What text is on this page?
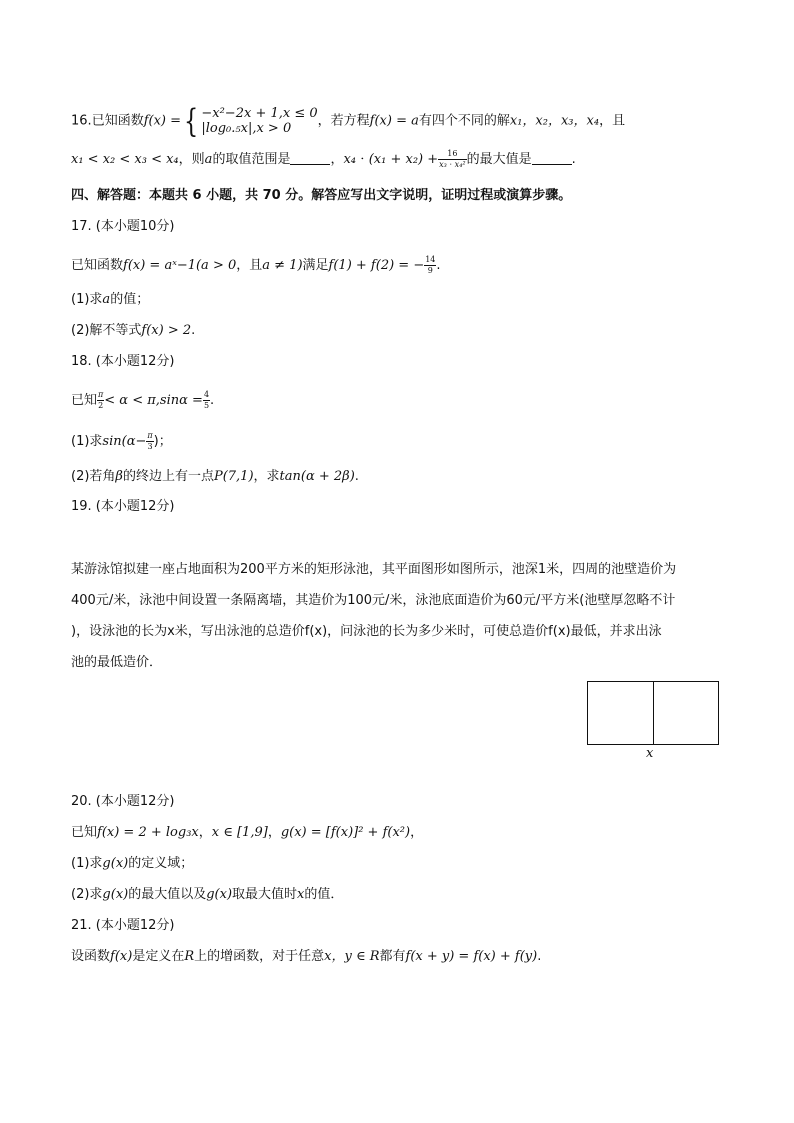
16.已知函数f(x) ={ −x²−2x + 1,x ≤ 0
|log₀.₅x|,x > 0	，若方程f(x) = a有四个不同的解x₁，x₂，x₃，x₄，且
x₁ < x₂ < x₃ < x₄，则a的取值范围是	，$x_4 \cdot (x_1 + x_2) + \frac{16}{\text{x₃ ⋅ x₄²}}$ 的最大值是	.
四、解答题：本题共 6 小题，共 70 分。解答应写出文字说明，证明过程或演算步骤。
17. (本小题10分)
已知函数f(x) = aˣ−1(a > 0，且a ≠ 1)满足f(1) + f(2) = − $\frac{14}{9}$ .
(1)求a的值；
(2)解不等式f(x) > 2.
18. (本小题12分)
已知 $\frac{\pi}{2} < \alpha < \pi,\sin\alpha = \frac{4}{5}$ .
(1)求$\sin(\alpha- \frac{\pi}{3}$ )；
(2)若角β的终边上有一点P(7,1)，求tan(α + 2β).
19. (本小题12分)
某游泳馆拟建一座占地面积为200平方米的矩形泳池，其平面图形如图所示，池深1米，四周的池壁造价为
400元/米，泳池中间设置一条隔离墙，其造价为100元/米，泳池底面造价为60元/平方米(池壁厚忽略不计
)，设泳池的长为x米，写出泳池的总造价f(x)，问泳池的长为多少米时，可使总造价f(x)最低，并求出泳
池的最低造价．
x
20. (本小题12分)
已知f(x) = 2 + log₃x，x ∈ [1,9]，g(x) = [f(x)]² + f(x²)，
(1)求g(x)的定义域；
(2)求g(x)的最大值以及g(x)取最大值时x的值．
21. (本小题12分)
设函数f(x)是定义在R上的增函数，对于任意x，y ∈ R都有f(x + y) = f(x) + f(y).
